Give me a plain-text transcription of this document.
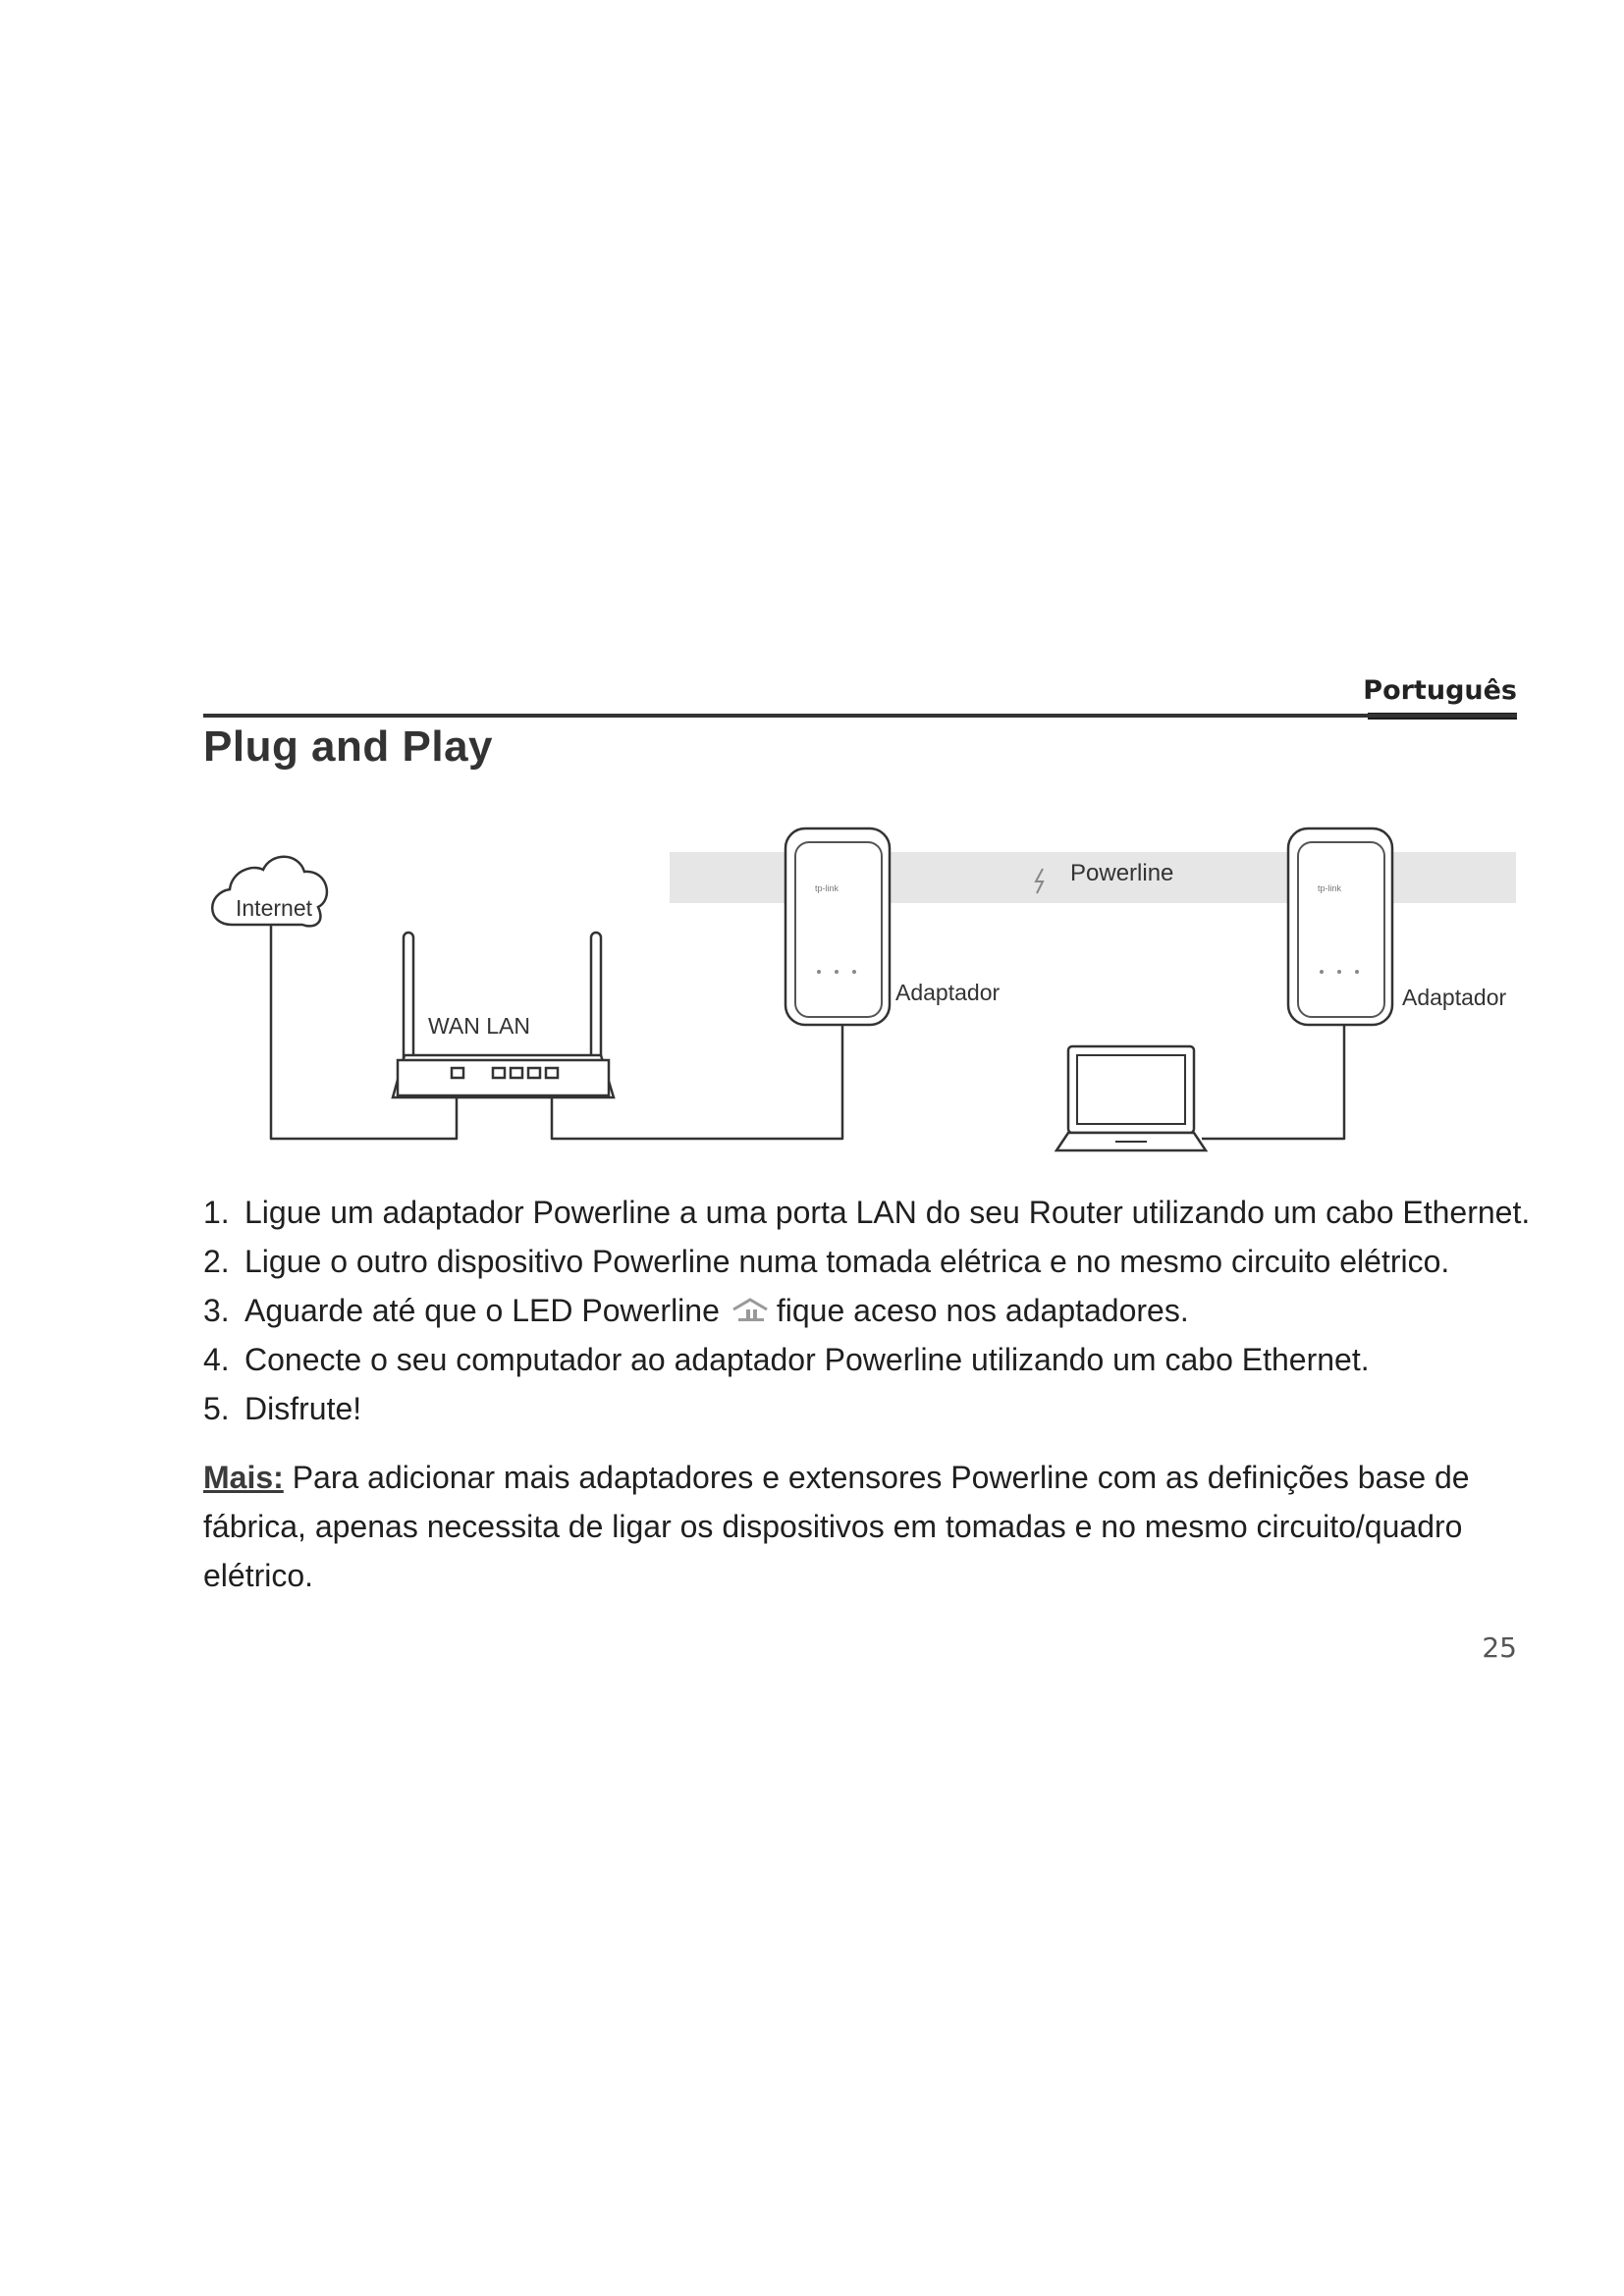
Português
Plug and Play
Powerline
Internet
WAN LAN
tp-link
Adaptador
tp-link
Adaptador
1. Ligue um adaptador Powerline a uma porta LAN do seu Router utilizando um cabo Ethernet.
2. Ligue o outro dispositivo Powerline numa tomada elétrica e no mesmo circuito elétrico.
3. Aguarde até que o LED Powerline fique aceso nos adaptadores.
4. Conecte o seu computador ao adaptador Powerline utilizando um cabo Ethernet.
5. Disfrute!

Mais: Para adicionar mais adaptadores e extensores Powerline com as definições base de fábrica, apenas necessita de ligar os dispositivos em tomadas e no mesmo circuito/quadro elétrico.

25
